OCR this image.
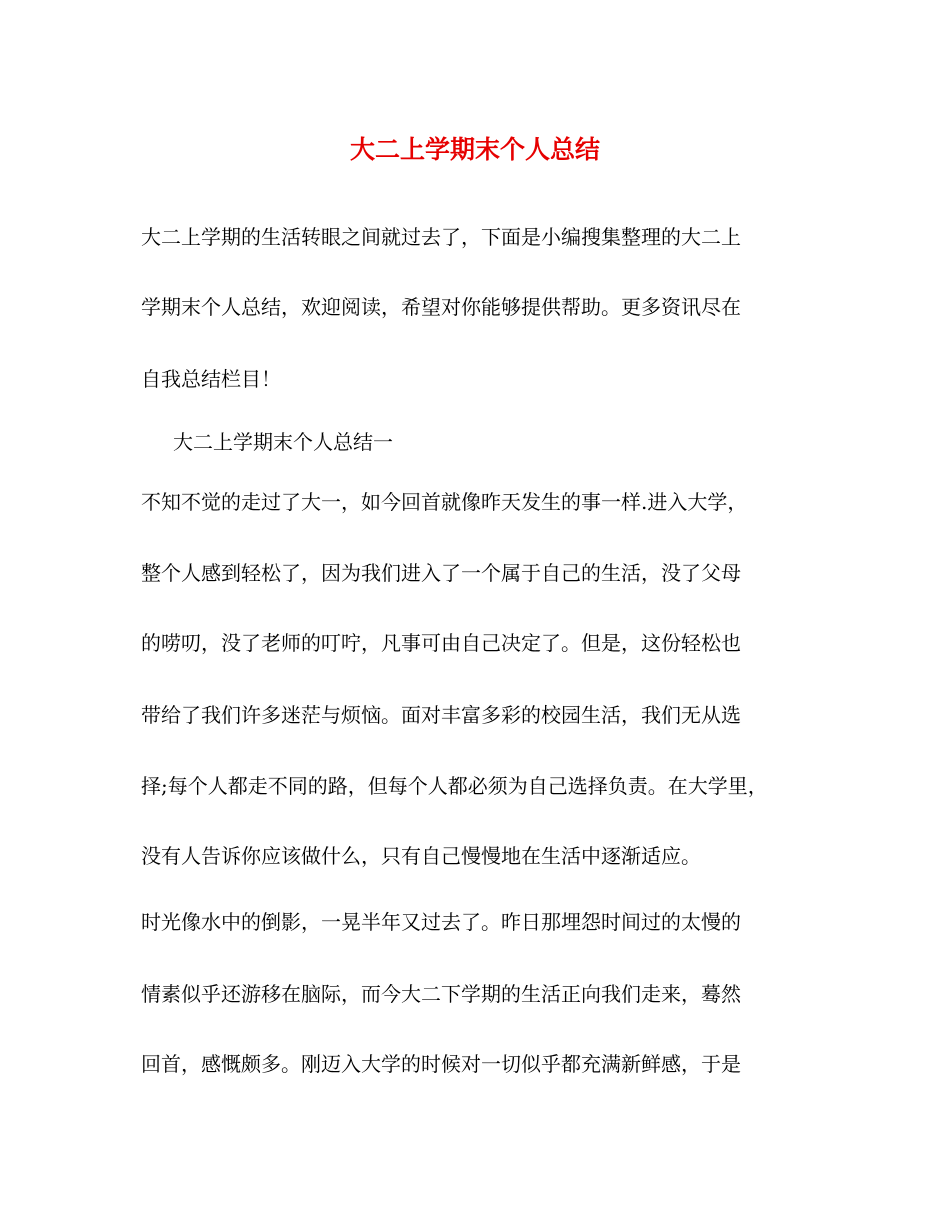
大二上学期末个人总结
大二上学期的生活转眼之间就过去了，下面是小编搜集整理的大二上
学期末个人总结，欢迎阅读，希望对你能够提供帮助。更多资讯尽在
自我总结栏目！
大二上学期末个人总结一
不知不觉的走过了大一，如今回首就像昨天发生的事一样.进入大学，
整个人感到轻松了，因为我们进入了一个属于自己的生活，没了父母
的唠叨，没了老师的叮咛，凡事可由自己决定了。但是，这份轻松也
带给了我们许多迷茫与烦恼。面对丰富多彩的校园生活，我们无从选
择;每个人都走不同的路，但每个人都必须为自己选择负责。在大学里，
没有人告诉你应该做什么，只有自己慢慢地在生活中逐渐适应。
时光像水中的倒影，一晃半年又过去了。昨日那埋怨时间过的太慢的
情素似乎还游移在脑际，而今大二下学期的生活正向我们走来，蓦然
回首，感慨颇多。刚迈入大学的时候对一切似乎都充满新鲜感，于是
